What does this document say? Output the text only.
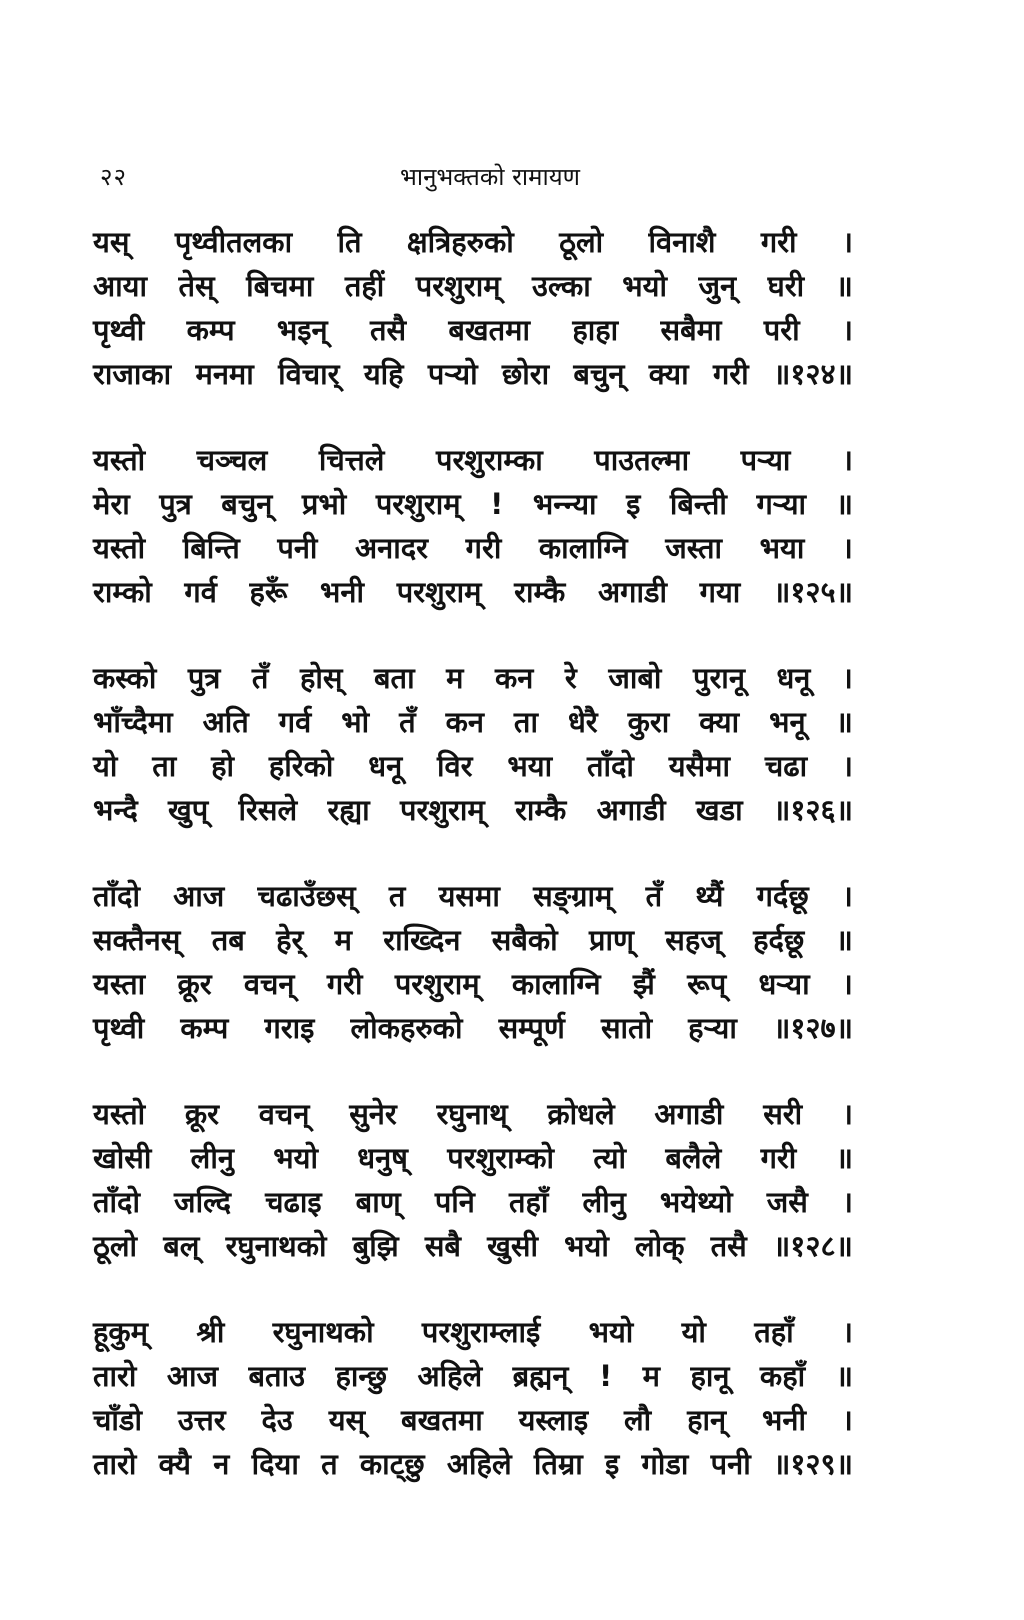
२२	भानुभक्तको रामायण
यस् पृथ्वीतलका ति क्षत्रिहरुको ठूलो विनाशै गरी ।
आया तेस् बिचमा तहीं परशुराम् उल्का भयो जुन् घरी ॥
पृथ्वी कम्प भइन् तसै बखतमा हाहा सबैमा परी ।
राजाका मनमा विचार् यहि पऱ्यो छोरा बचुन् क्या गरी ॥१२४॥
यस्तो चञ्चल चित्तले परशुराम्का पाउतल्मा पऱ्या ।
मेरा पुत्र बचुन् प्रभो परशुराम् ! भन्न्या इ बिन्ती गऱ्या ॥
यस्तो बिन्ति पनी अनादर गरी कालाग्नि जस्ता भया ।
राम्को गर्व हरूँ भनी परशुराम् राम्कै अगाडी गया ॥१२५॥
कस्को पुत्र तँ होस् बता म कन रे जाबो पुरानू धनू ।
भाँच्दैमा अति गर्व भो तँ कन ता धेरै कुरा क्या भनू ॥
यो ता हो हरिको धनू विर भया ताँदो यसैमा चढा ।
भन्दै खुप् रिसले रह्या परशुराम् राम्कै अगाडी खडा ॥१२६॥
ताँदो आज चढाउँछस् त यसमा सङ्ग्राम् तँ थ्यैं गर्दछू ।
सक्तैनस् तब हेर् म राख्दिन सबैको प्राण् सहज् हर्दछू ॥
यस्ता क्रूर वचन् गरी परशुराम् कालाग्नि झैं रूप् धऱ्या ।
पृथ्वी कम्प गराइ लोकहरुको सम्पूर्ण सातो हऱ्या ॥१२७॥
यस्तो क्रूर वचन् सुनेर रघुनाथ् क्रोधले अगाडी सरी ।
खोसी लीनु भयो धनुष् परशुराम्को त्यो बलैले गरी ॥
ताँदो जल्दि चढाइ बाण् पनि तहाँ लीनु भयेथ्यो जसै ।
ठूलो बल् रघुनाथको बुझि सबै खुसी भयो लोक् तसै ॥१२८॥
हूकुम् श्री रघुनाथको परशुराम्लाई भयो यो तहाँ ।
तारो आज बताउ हान्छु अहिले ब्रह्मन् ! म हानू कहाँ ॥
चाँडो उत्तर देउ यस् बखतमा यस्लाइ लौ हान् भनी ।
तारो क्यै न दिया त काट्छु अहिले तिम्रा इ गोडा पनी ॥१२९॥
